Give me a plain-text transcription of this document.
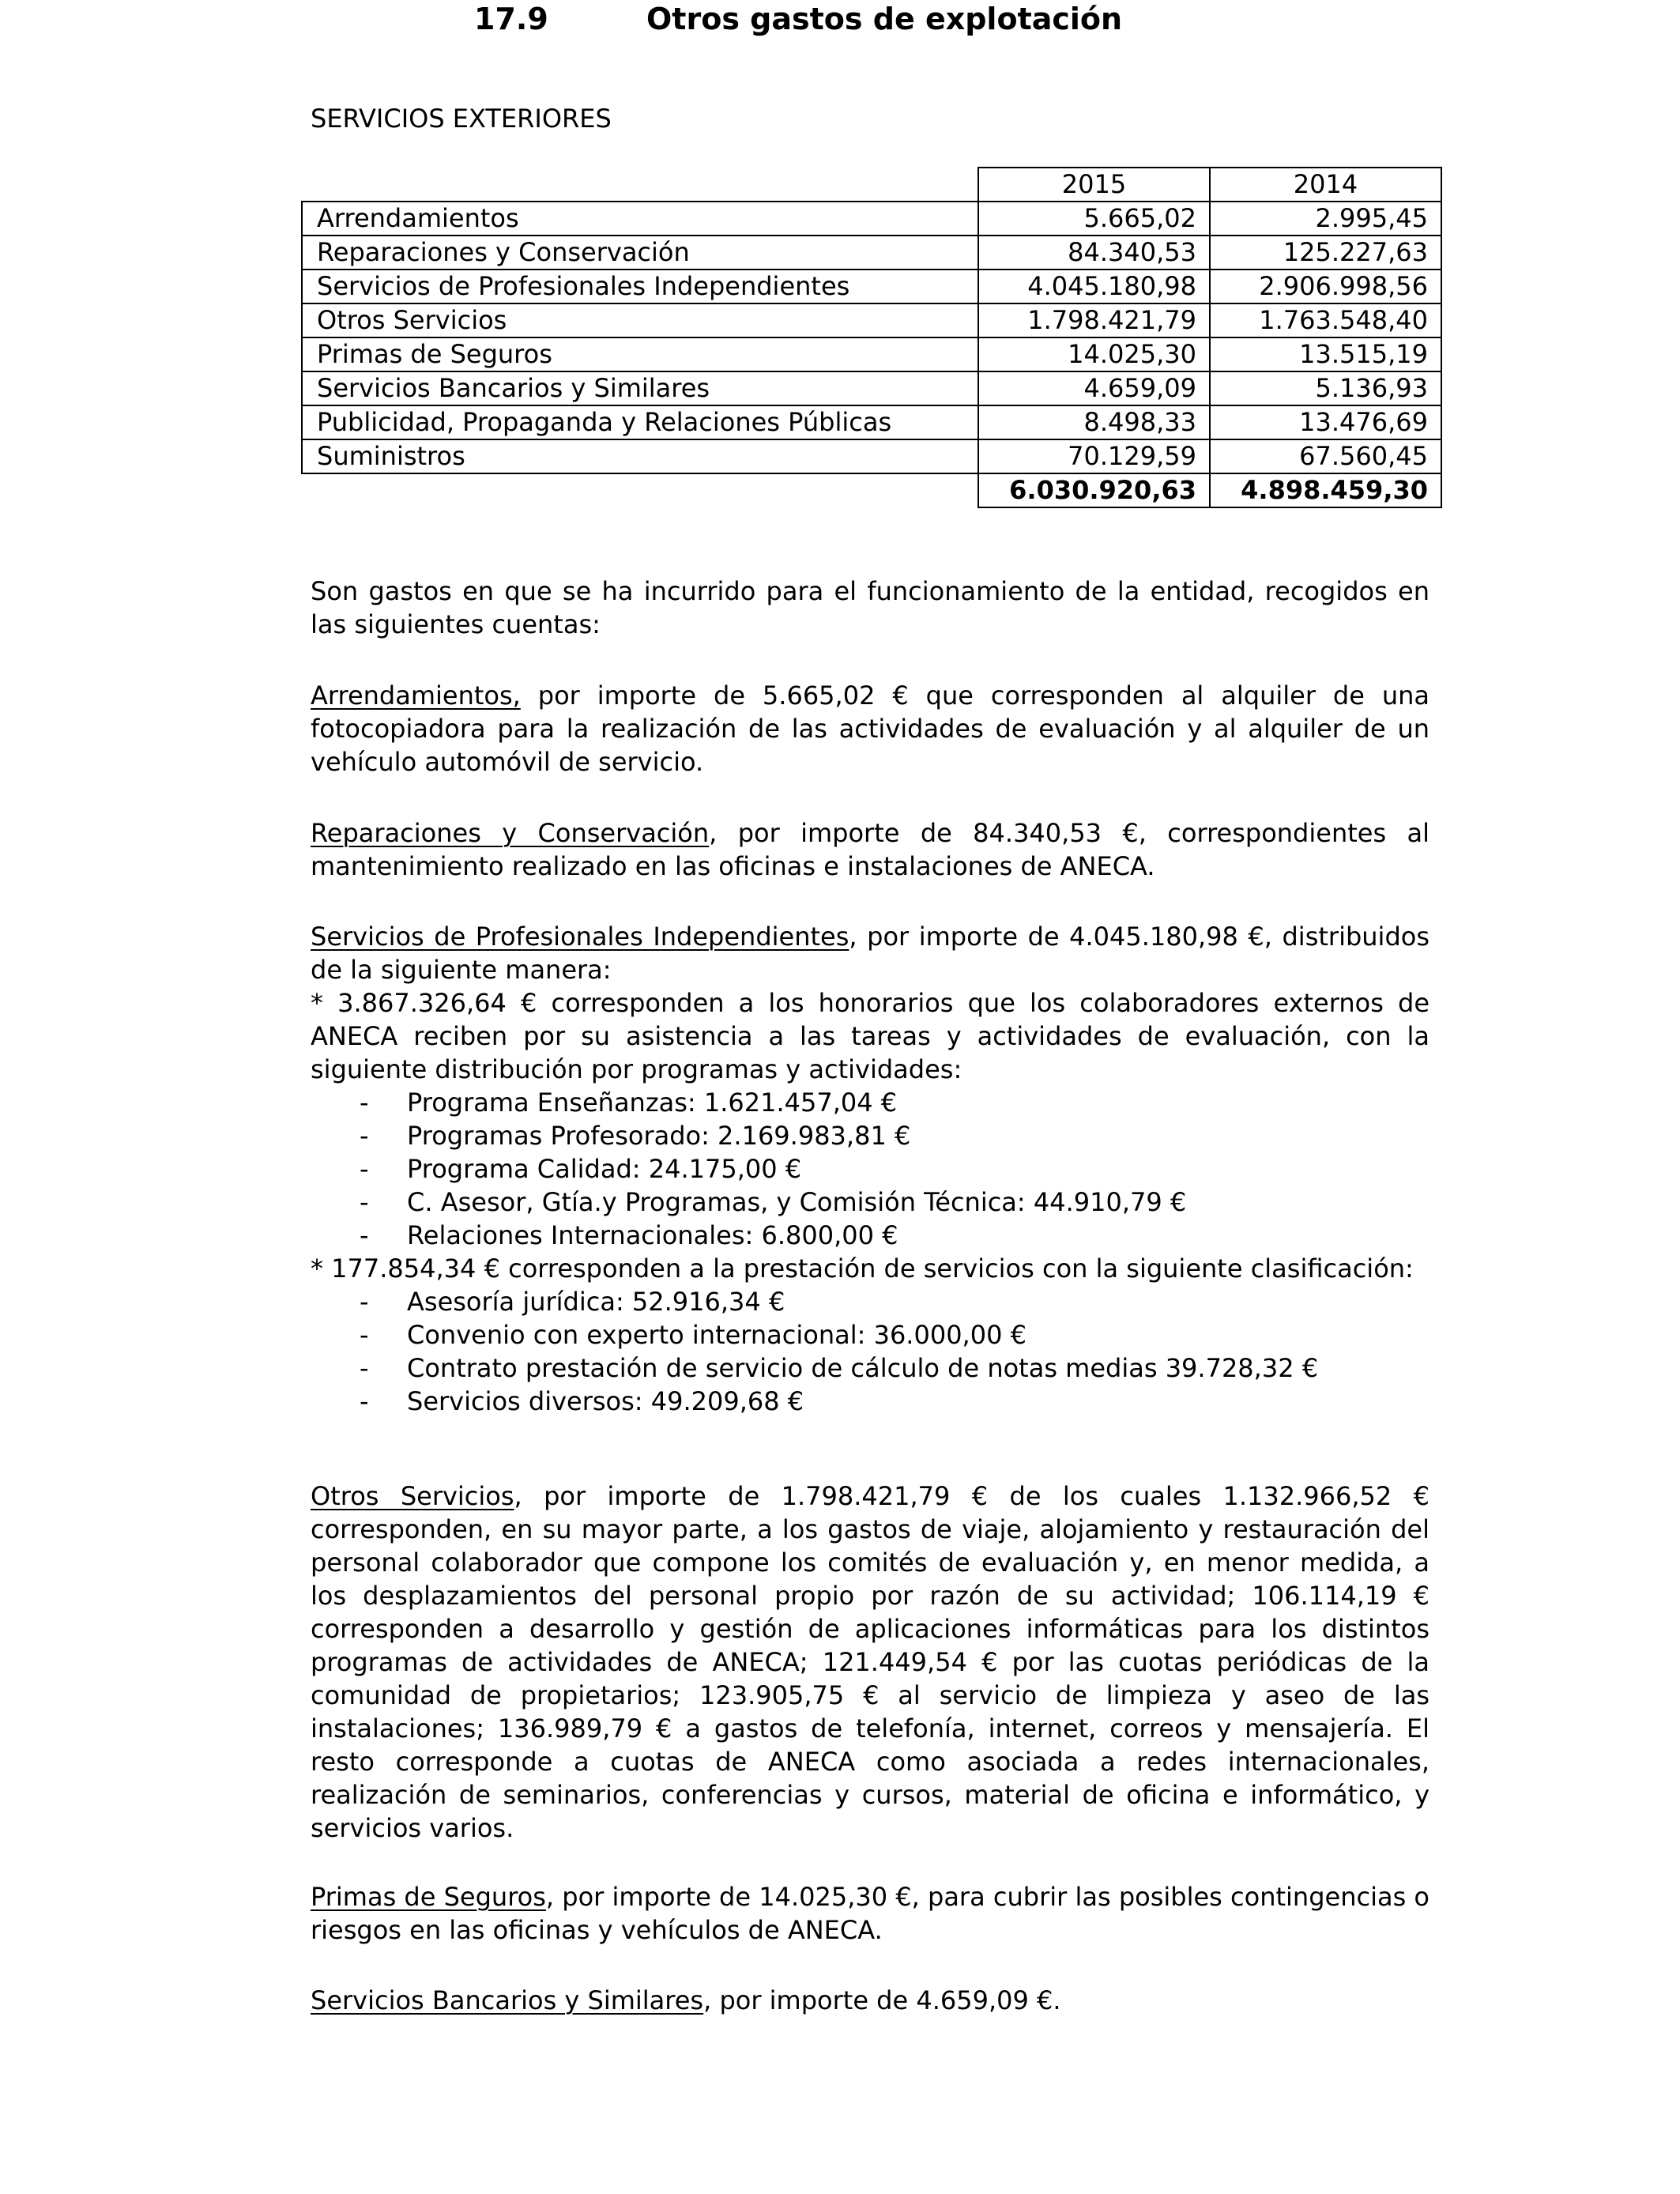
17.9	Otros gastos de explotación
SERVICIOS EXTERIORES
	2015	2014
Arrendamientos	5.665,02	2.995,45
Reparaciones y Conservación	84.340,53	125.227,63
Servicios de Profesionales Independientes	4.045.180,98	2.906.998,56
Otros Servicios	1.798.421,79	1.763.548,40
Primas de Seguros	14.025,30	13.515,19
Servicios Bancarios y Similares	4.659,09	5.136,93
Publicidad, Propaganda y Relaciones Públicas	8.498,33	13.476,69
Suministros	70.129,59	67.560,45
	6.030.920,63	4.898.459,30

Son gastos en que se ha incurrido para el funcionamiento de la entidad, recogidos en las siguientes cuentas:

Arrendamientos, por importe de 5.665,02 € que corresponden al alquiler de una fotocopiadora para la realización de las actividades de evaluación y al alquiler de un vehículo automóvil de servicio.

Reparaciones y Conservación, por importe de 84.340,53 €, correspondientes al mantenimiento realizado en las oficinas e instalaciones de ANECA.

Servicios de Profesionales Independientes, por importe de 4.045.180,98 €, distribuidos de la siguiente manera:

* 3.867.326,64 € corresponden a los honorarios que los colaboradores externos de ANECA reciben por su asistencia a las tareas y actividades de evaluación, con la siguiente distribución por programas y actividades:

- Programa Enseñanzas: 1.621.457,04 €
- Programas Profesorado: 2.169.983,81 €
- Programa Calidad: 24.175,00 €
- C. Asesor, Gtía.y Programas, y Comisión Técnica: 44.910,79 €
- Relaciones Internacionales: 6.800,00 €

* 177.854,34 € corresponden a la prestación de servicios con la siguiente clasificación:

- Asesoría jurídica: 52.916,34 €
- Convenio con experto internacional: 36.000,00 €
- Contrato prestación de servicio de cálculo de notas medias 39.728,32 €
- Servicios diversos: 49.209,68 €

Otros Servicios, por importe de 1.798.421,79 € de los cuales 1.132.966,52 € corresponden, en su mayor parte, a los gastos de viaje, alojamiento y restauración del personal colaborador que compone los comités de evaluación y, en menor medida, a los desplazamientos del personal propio por razón de su actividad; 106.114,19 € corresponden a desarrollo y gestión de aplicaciones informáticas para los distintos programas de actividades de ANECA; 121.449,54 € por las cuotas periódicas de la comunidad de propietarios; 123.905,75 € al servicio de limpieza y aseo de las instalaciones; 136.989,79 € a gastos de telefonía, internet, correos y mensajería. El resto corresponde a cuotas de ANECA como asociada a redes internacionales, realización de seminarios, conferencias y cursos, material de oficina e informático, y servicios varios.

Primas de Seguros, por importe de 14.025,30 €, para cubrir las posibles contingencias o riesgos en las oficinas y vehículos de ANECA.

Servicios Bancarios y Similares, por importe de 4.659,09 €.
